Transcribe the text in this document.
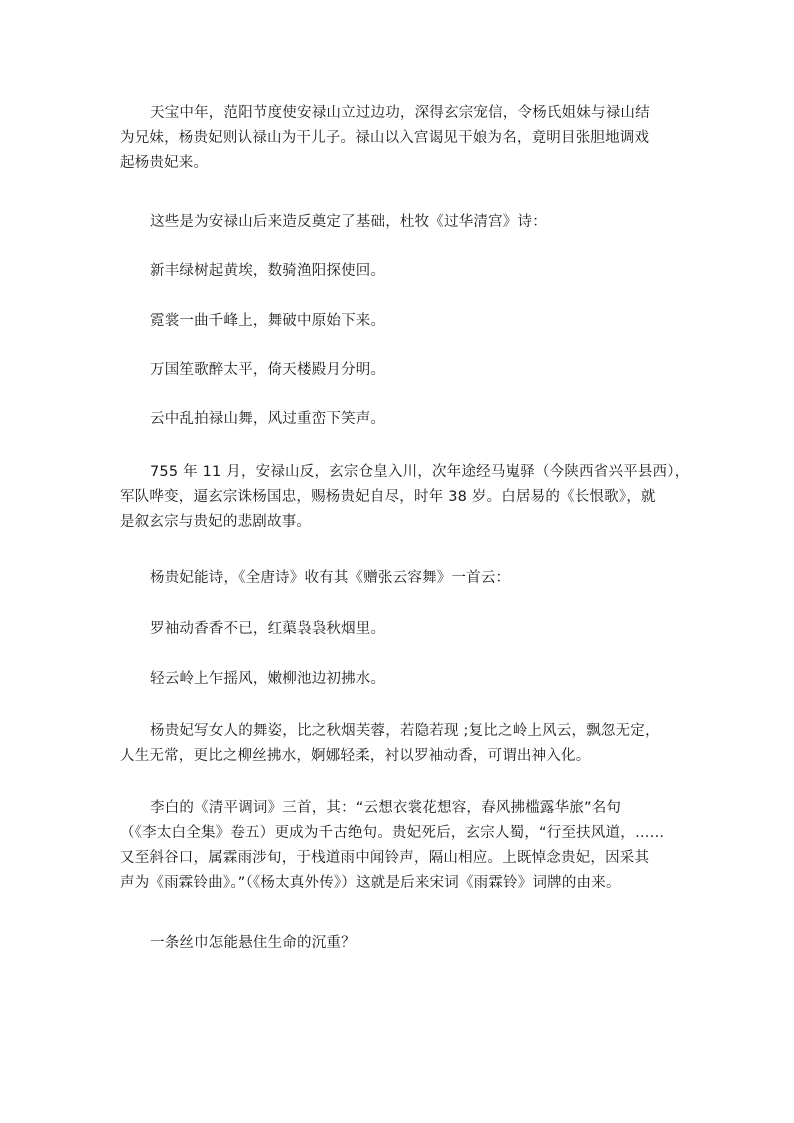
天宝中年，范阳节度使安禄山立过边功，深得玄宗宠信，令杨氏姐妹与禄山结
为兄妹，杨贵妃则认禄山为干儿子。禄山以入宫谒见干娘为名，竟明目张胆地调戏
起杨贵妃来。

这些是为安禄山后来造反奠定了基础，杜牧《过华清宫》诗：

新丰绿树起黄埃，数骑渔阳探使回。

霓裳一曲千峰上，舞破中原始下来。

万国笙歌醉太平，倚天楼殿月分明。

云中乱拍禄山舞，风过重峦下笑声。

755 年 11 月，安禄山反，玄宗仓皇入川，次年途经马嵬驿（今陕西省兴平县西），
军队哗变，逼玄宗诛杨国忠，赐杨贵妃自尽，时年 38 岁。白居易的《长恨歌》，就
是叙玄宗与贵妃的悲剧故事。

杨贵妃能诗，《全唐诗》收有其《赠张云容舞》一首云：

罗袖动香香不已，红蕖袅袅秋烟里。

轻云岭上乍摇风，嫩柳池边初拂水。

杨贵妃写女人的舞姿，比之秋烟芙蓉，若隐若现 ;复比之岭上风云，飘忽无定，
人生无常，更比之柳丝拂水，婀娜轻柔，衬以罗袖动香，可谓出神入化。

李白的《清平调词》三首，其：“云想衣裳花想容，春风拂槛露华旅”名句
（《李太白全集》卷五）更成为千古绝句。贵妃死后，玄宗人蜀，“行至扶风道，……
又至斜谷口，属霖雨涉旬，于栈道雨中闻铃声，隔山相应。上既悼念贵妃，因采其
声为《雨霖铃曲》。”（《杨太真外传》）这就是后来宋词《雨霖铃》词牌的由来。

一条丝巾怎能悬住生命的沉重？
